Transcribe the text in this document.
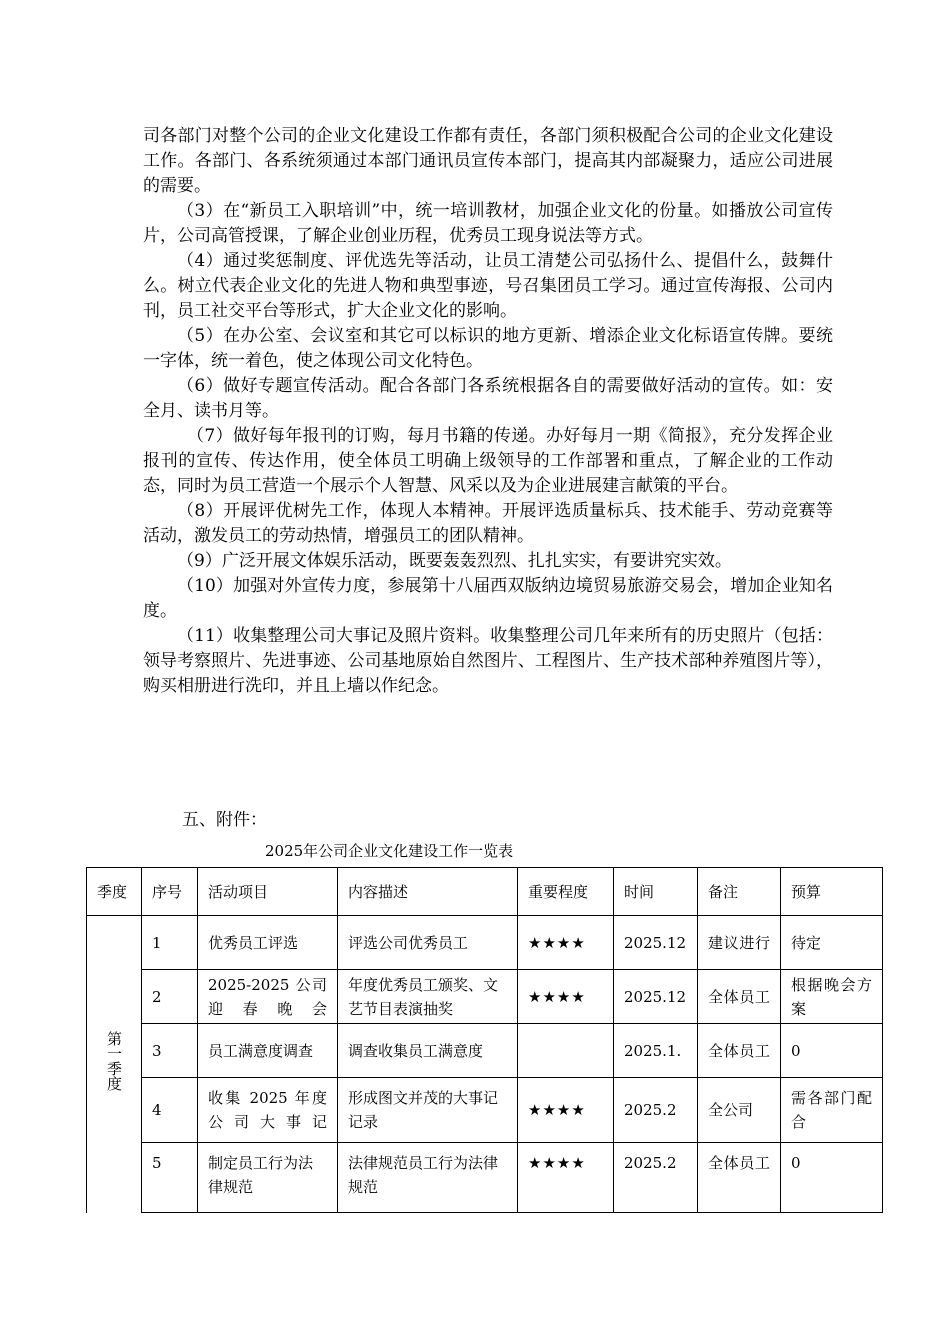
司各部门对整个公司的企业文化建设工作都有责任，各部门须积极配合公司的企业文化建设工作。各部门、各系统须通过本部门通讯员宣传本部门，提高其内部凝聚力，适应公司进展的需要。

（3）在“新员工入职培训”中，统一培训教材，加强企业文化的份量。如播放公司宣传片，公司高管授课，了解企业创业历程，优秀员工现身说法等方式。

（4）通过奖惩制度、评优选先等活动，让员工清楚公司弘扬什么、提倡什么，鼓舞什么。树立代表企业文化的先进人物和典型事迹，号召集团员工学习。通过宣传海报、公司内刊，员工社交平台等形式，扩大企业文化的影响。

（5）在办公室、会议室和其它可以标识的地方更新、增添企业文化标语宣传牌。要统一字体，统一着色，使之体现公司文化特色。

（6）做好专题宣传活动。配合各部门各系统根据各自的需要做好活动的宣传。如：安全月、读书月等。

（7）做好每年报刊的订购，每月书籍的传递。办好每月一期《简报》，充分发挥企业报刊的宣传、传达作用，使全体员工明确上级领导的工作部署和重点，了解企业的工作动态，同时为员工营造一个展示个人智慧、风采以及为企业进展建言献策的平台。

（8）开展评优树先工作，体现人本精神。开展评选质量标兵、技术能手、劳动竞赛等活动，激发员工的劳动热情，增强员工的团队精神。

（9）广泛开展文体娱乐活动，既要轰轰烈烈、扎扎实实，有要讲究实效。

（10）加强对外宣传力度，参展第十八届西双版纳边境贸易旅游交易会，增加企业知名度。

（11）收集整理公司大事记及照片资料。收集整理公司几年来所有的历史照片（包括：领导考察照片、先进事迹、公司基地原始自然图片、工程图片、生产技术部种养殖图片等），购买相册进行洗印，并且上墙以作纪念。

五、附件：

2025年公司企业文化建设工作一览表

季度	序号	活动项目	内容描述	重要程度	时间	备注	预算
第一季度	1	优秀员工评选	评选公司优秀员工	★★★★	2025.12	建议进行	待定
	2	2025-2025 公司迎春晚会	年度优秀员工颁奖、文艺节目表演抽奖	★★★★	2025.12	全体员工	根据晚会方案
	3	员工满意度调查	调查收集员工满意度		2025.1.	全体员工	0
	4	收集 2025 年度公司大事记	形成图文并茂的大事记记录	★★★★	2025.2	全公司	需各部门配合
	5	制定员工行为法律规范	法律规范员工行为法律规范	★★★★	2025.2	全体员工	0
